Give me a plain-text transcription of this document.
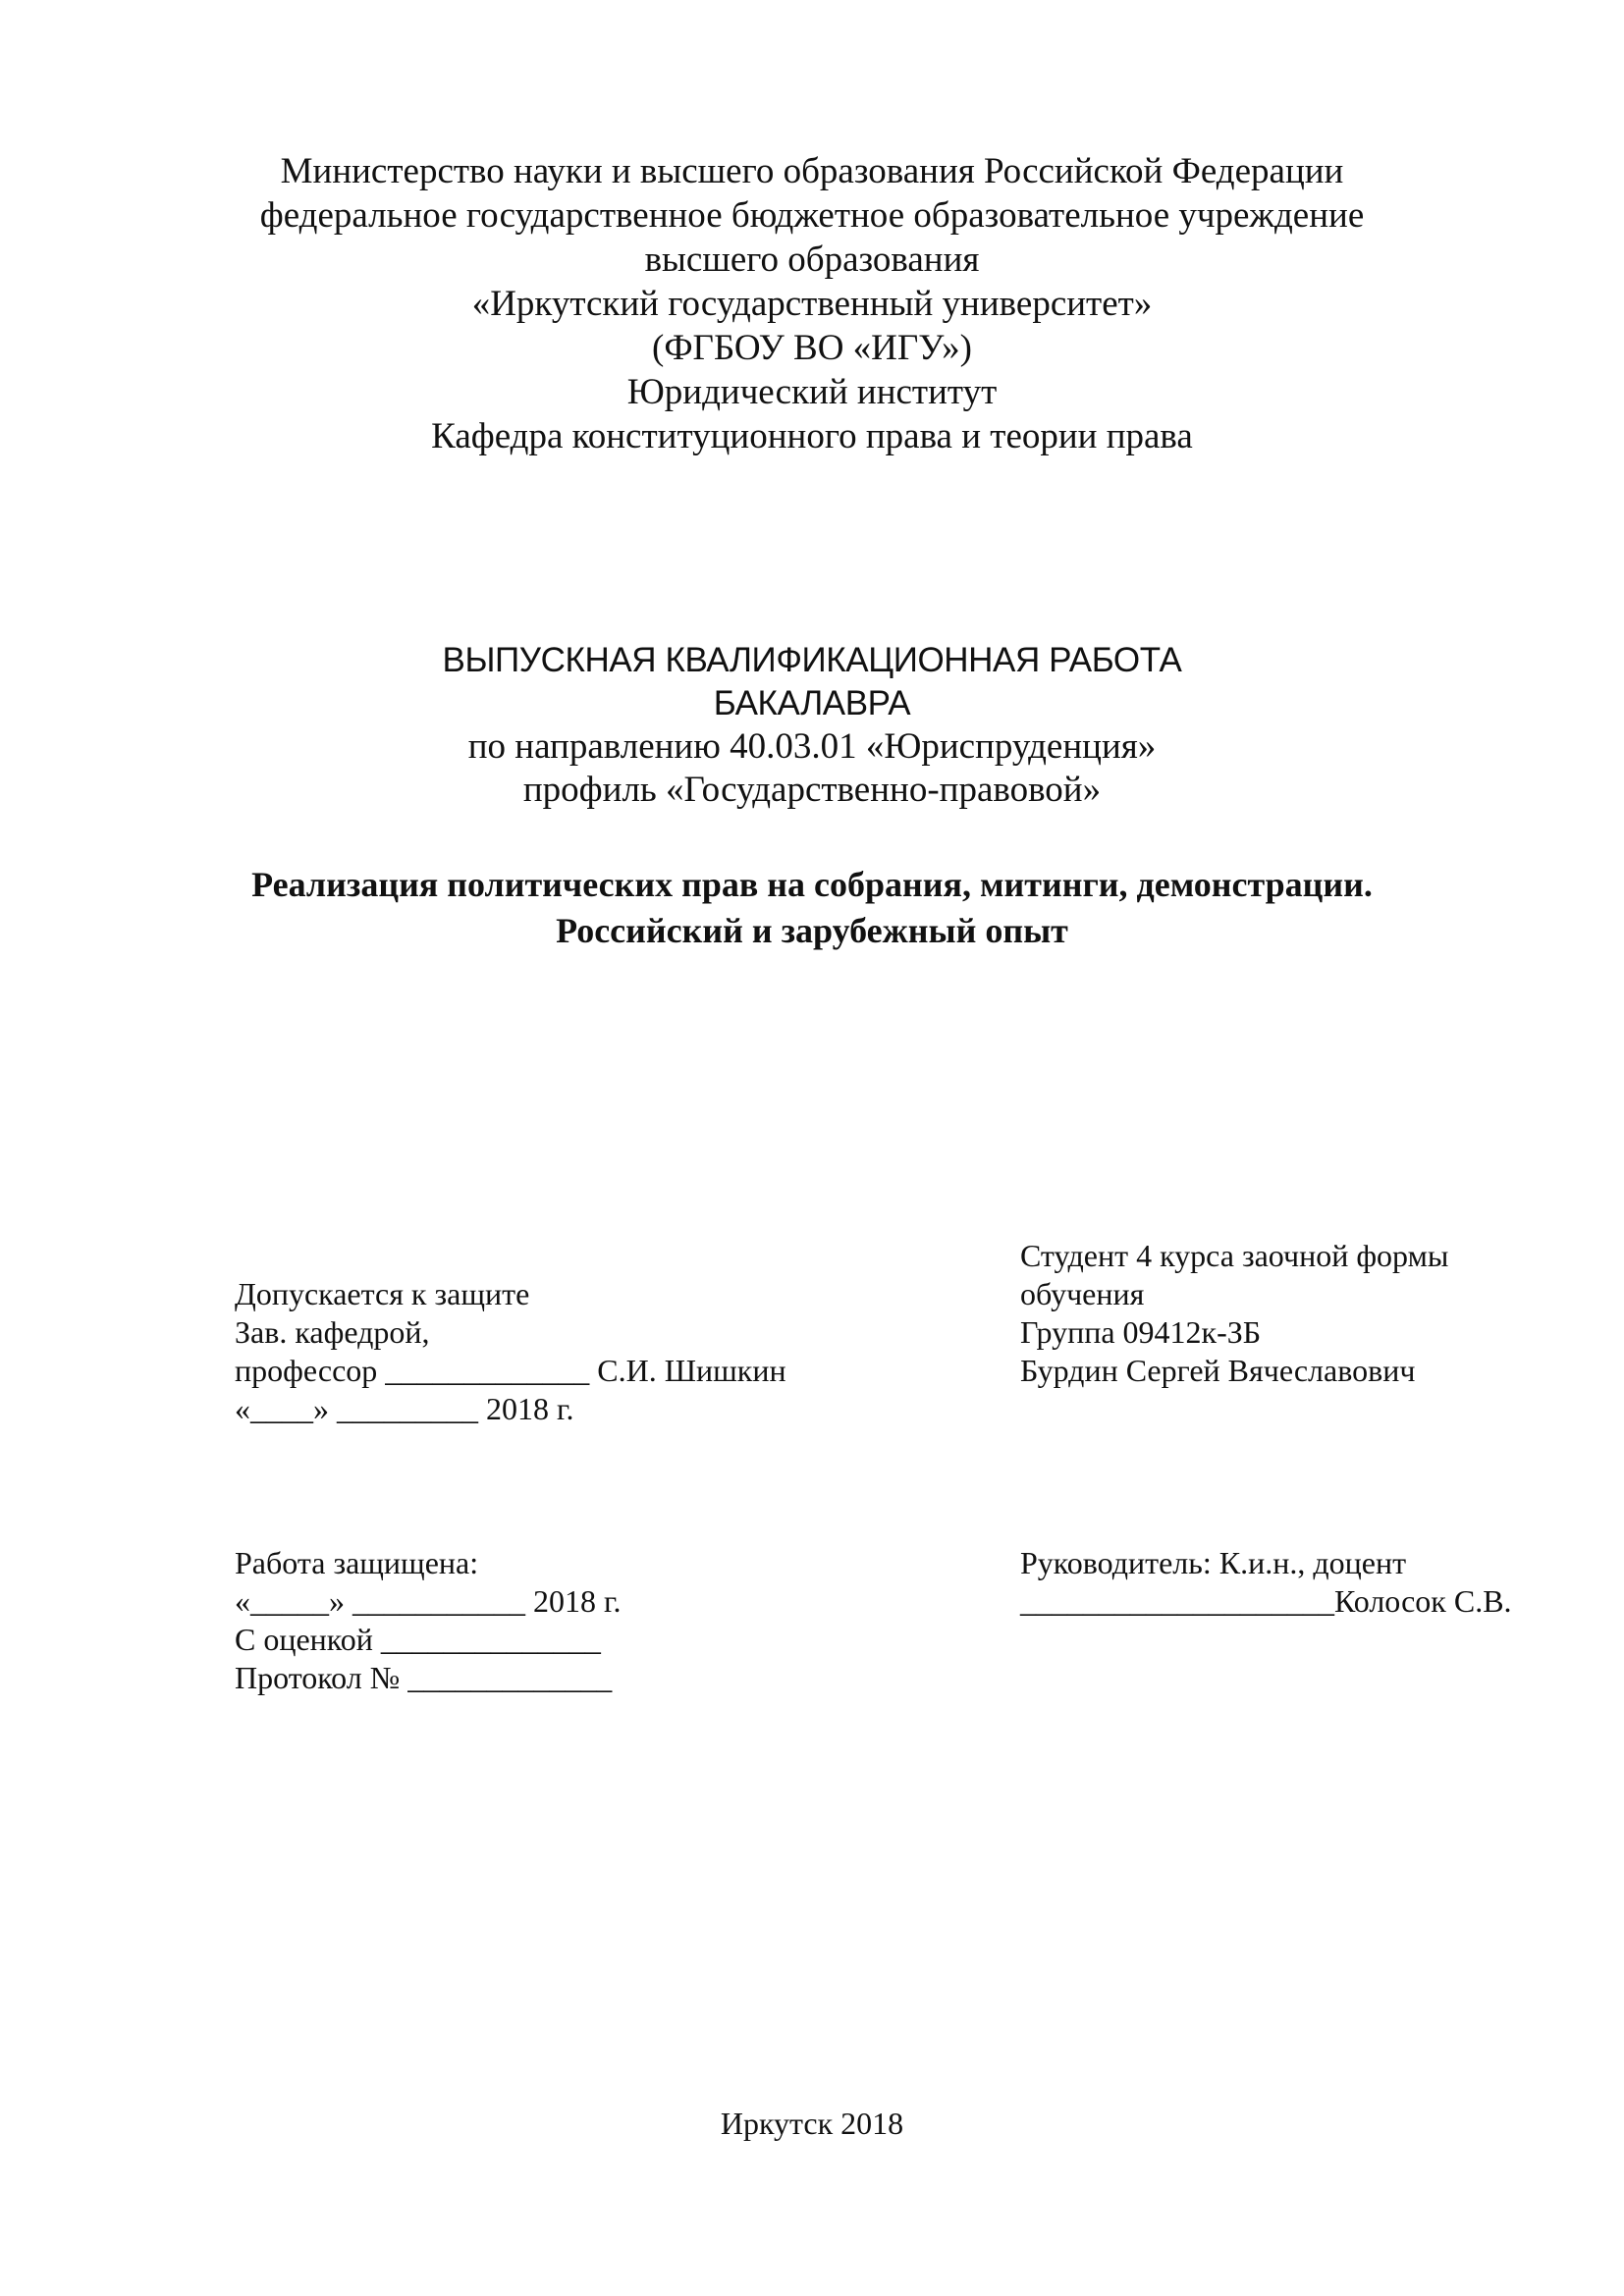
Министерство науки и высшего образования Российской Федерации
федеральное государственное бюджетное образовательное учреждение
высшего образования
«Иркутский государственный университет»
(ФГБОУ ВО «ИГУ»)
Юридический институт
Кафедра конституционного права и теории права
ВЫПУСКНАЯ КВАЛИФИКАЦИОННАЯ РАБОТА
БАКАЛАВРА
по направлению 40.03.01 «Юриспруденция»
профиль «Государственно-правовой»
Реализация политических прав на собрания, митинги, демонстрации.
Российский и зарубежный опыт
Допускается к защите
Зав. кафедрой,
профессор _____________ С.И. Шишкин
«____» _________ 2018 г.
Студент 4 курса заочной формы
обучения
Группа 09412к-ЗБ
Бурдин Сергей Вячеславович
Работа защищена:
«_____» ___________ 2018 г.
С оценкой ______________
Протокол № _____________
Руководитель: К.и.н., доцент
____________________Колосок С.В.
Иркутск 2018
